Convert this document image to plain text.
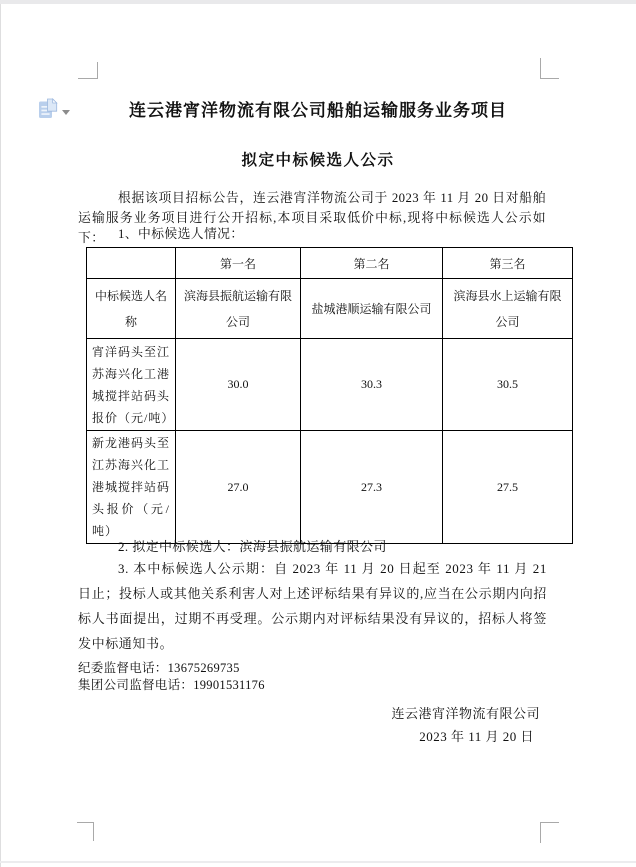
连云港宵洋物流有限公司船舶运输服务业务项目
拟定中标候选人公示
根据该项目招标公告，连云港宵洋物流公司于 2023 年 11 月 20 日对船舶运输服务业务项目进行公开招标,本项目采取低价中标,现将中标候选人公示如下：	1、中标候选人情况：
	第一名	第二名	第三名
中标候选人名称	滨海县振航运输有限公司	盐城港顺运输有限公司	滨海县水上运输有限公司
宵洋码头至江苏海兴化工港城搅拌站码头报价（元/吨）	30.0	30.3	30.5
新龙港码头至江苏海兴化工港城搅拌站码头报价（元/吨）	27.0	27.3	27.5
2. 拟定中标候选人：滨海县振航运输有限公司
3. 本中标候选人公示期：自 2023 年 11 月 20 日起至 2023 年 11 月 21 日止；投标人或其他关系利害人对上述评标结果有异议的,应当在公示期内向招标人书面提出，过期不再受理。公示期内对评标结果没有异议的，招标人将签发中标通知书。
纪委监督电话：13675269735
集团公司监督电话：19901531176
连云港宵洋物流有限公司
2023 年 11 月 20 日
